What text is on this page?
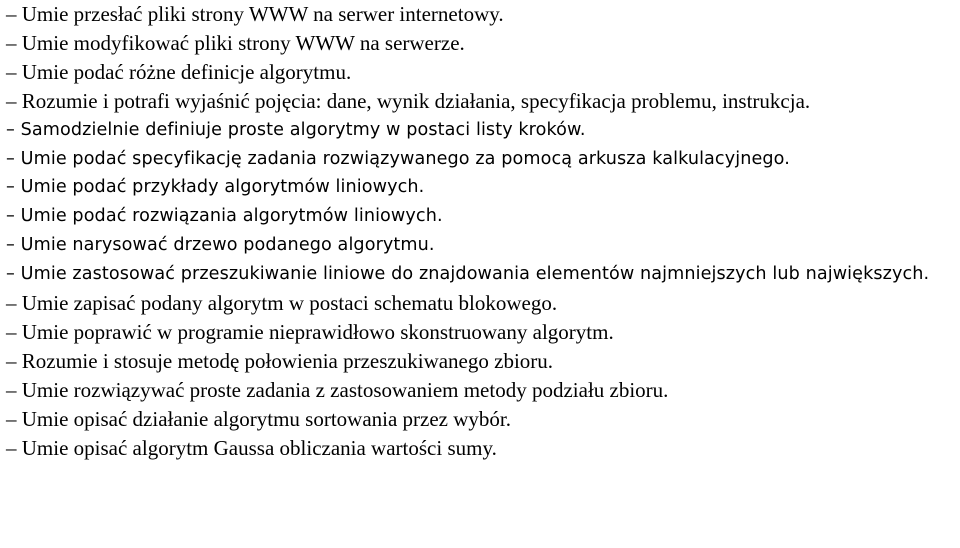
– Umie przesłać pliki strony WWW na serwer internetowy.
– Umie modyfikować pliki strony WWW na serwerze.
– Umie podać różne definicje algorytmu.
– Rozumie i potrafi wyjaśnić pojęcia: dane, wynik działania, specyfikacja problemu, instrukcja.
– Samodzielnie definiuje proste algorytmy w postaci listy kroków.
– Umie podać specyfikację zadania rozwiązywanego za pomocą arkusza kalkulacyjnego.
– Umie podać przykłady algorytmów liniowych.
– Umie podać rozwiązania algorytmów liniowych.
– Umie narysować drzewo podanego algorytmu.
– Umie zastosować przeszukiwanie liniowe do znajdowania elementów najmniejszych lub największych.
– Umie zapisać podany algorytm w postaci schematu blokowego.
– Umie poprawić w programie nieprawidłowo skonstruowany algorytm.
– Rozumie i stosuje metodę połowienia przeszukiwanego zbioru.
– Umie rozwiązywać proste zadania z zastosowaniem metody podziału zbioru.
– Umie opisać działanie algorytmu sortowania przez wybór.
– Umie opisać algorytm Gaussa obliczania wartości sumy.
